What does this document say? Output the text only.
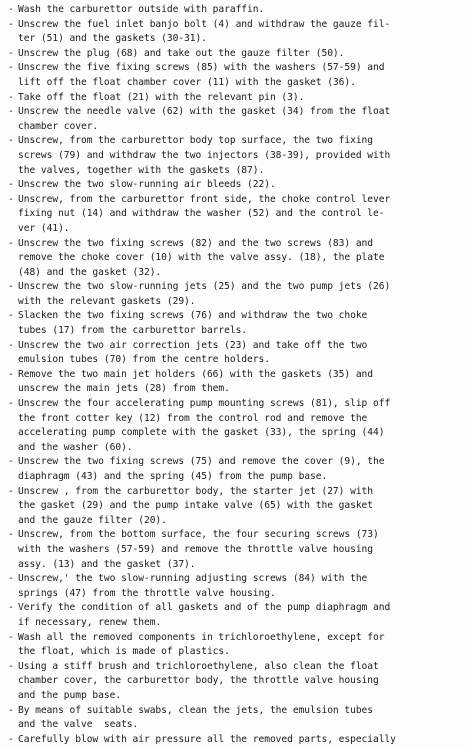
- Wash the carburettor outside with paraffin.
- Unscrew the fuel inlet banjo bolt (4) and withdraw the gauze fil-
ter (51) and the gaskets (30-31).
- Unscrew the plug (68) and take out the gauze filter (50).
- Unscrew the five fixing screws (85) with the washers (57-59) and
lift off the float chamber cover (11) with the gasket (36).
- Take off the float (21) with the relevant pin (3).
- Unscrew the needle valve (62) with the gasket (34) from the float
chamber cover.
- Unscrew, from the carburettor body top surface, the two fixing
screws (79) and withdraw the two injectors (38-39), provided with
the valves, together with the gaskets (87).
- Unscrew the two slow-running air bleeds (22).
- Unscrew, from the carburettor front side, the choke control lever
fixing nut (14) and withdraw the washer (52) and the control le-
ver (41).
- Unscrew the two fixing screws (82) and the two screws (83) and
remove the choke cover (10) with the valve assy. (18), the plate
(48) and the gasket (32).
- Unscrew the two slow-running jets (25) and the two pump jets (26)
with the relevant gaskets (29).
- Slacken the two fixing screws (76) and withdraw the two choke
tubes (17) from the carburettor barrels.
- Unscrew the two air correction jets (23) and take off the two
emulsion tubes (70) from the centre holders.
- Remove the two main jet holders (66) with the gaskets (35) and
unscrew the main jets (28) from them.
- Unscrew the four accelerating pump mounting screws (81), slip off
the front cotter key (12) from the control rod and remove the
accelerating pump complete with the gasket (33), the spring (44)
and the washer (60).
- Unscrew the two fixing screws (75) and remove the cover (9), the
diaphragm (43) and the spring (45) from the pump base.
- Unscrew , from the carburettor body, the starter jet (27) with
the gasket (29) and the pump intake valve (65) with the gasket
and the gauze filter (20).
- Unscrew, from the bottom surface, the four securing screws (73)
with the washers (57-59) and remove the throttle valve housing
assy. (13) and the gasket (37).
- Unscrew,' the two slow-running adjusting screws (84) with the
springs (47) from the throttle valve housing.
- Verify the condition of all gaskets and of the pump diaphragm and
if necessary, renew them.
- Wash all the removed components in trichloroethylene, except for
the float, which is made of plastics.
- Using a stiff brush and trichloroethylene, also clean the float
chamber cover, the carburettor body, the throttle valve housing
and the pump base.
- By means of suitable swabs, clean the jets, the emulsion tubes
and the valve  seats.
- Carefully blow with air pressure all the removed parts, especially
